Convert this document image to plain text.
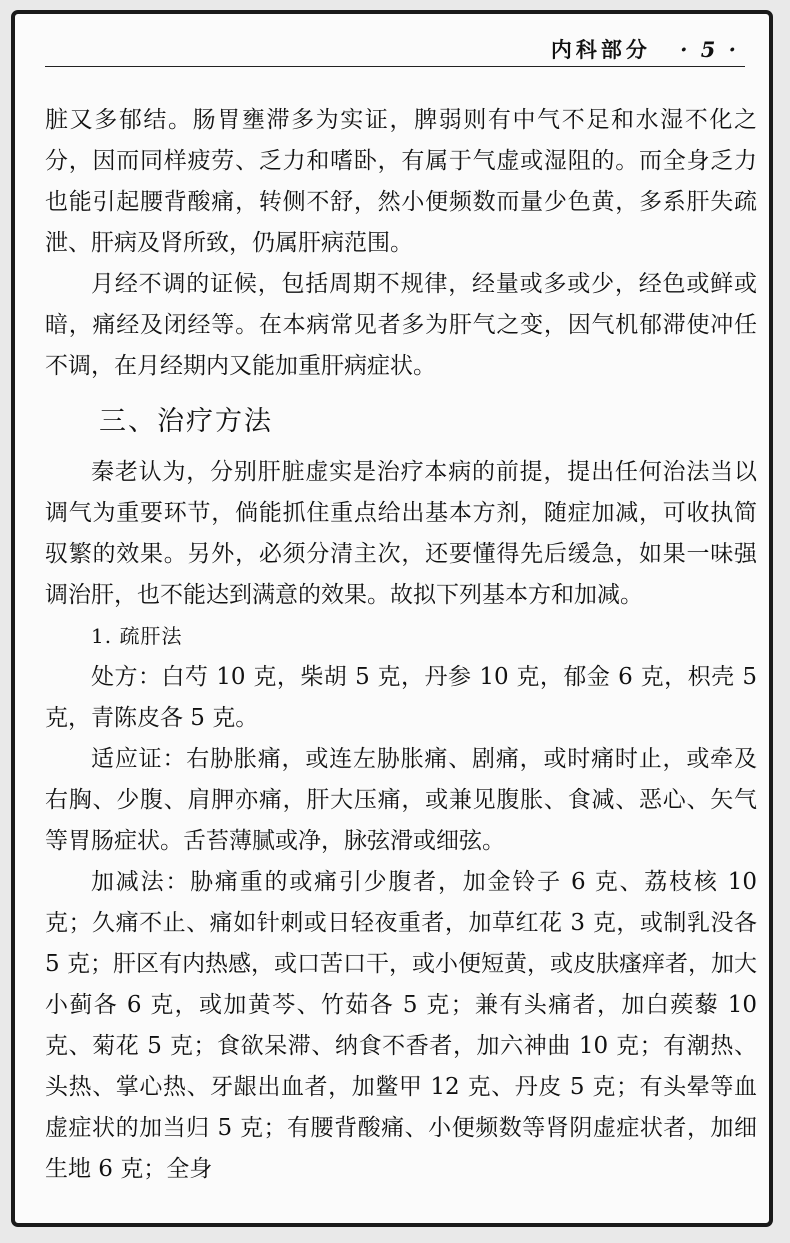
内科部分 · 5 ·

脏又多郁结。肠胃壅滞多为实证，脾弱则有中气不足和水湿不化之分，因而同样疲劳、乏力和嗜卧，有属于气虚或湿阻的。而全身乏力也能引起腰背酸痛，转侧不舒，然小便频数而量少色黄，多系肝失疏泄、肝病及肾所致，仍属肝病范围。

月经不调的证候，包括周期不规律，经量或多或少，经色或鲜或暗，痛经及闭经等。在本病常见者多为肝气之变，因气机郁滞使冲任不调，在月经期内又能加重肝病症状。

三、治疗方法

秦老认为，分别肝脏虚实是治疗本病的前提，提出任何治法当以调气为重要环节，倘能抓住重点给出基本方剂，随症加减，可收执简驭繁的效果。另外，必须分清主次，还要懂得先后缓急，如果一味强调治肝，也不能达到满意的效果。故拟下列基本方和加减。

1. 疏肝法

处方：白芍 10 克，柴胡 5 克，丹参 10 克，郁金 6 克，枳壳 5 克，青陈皮各 5 克。

适应证：右胁胀痛，或连左胁胀痛、剧痛，或时痛时止，或牵及右胸、少腹、肩胛亦痛，肝大压痛，或兼见腹胀、食减、恶心、矢气等胃肠症状。舌苔薄腻或净，脉弦滑或细弦。

加减法：胁痛重的或痛引少腹者，加金铃子 6 克、荔枝核 10 克；久痛不止、痛如针刺或日轻夜重者，加草红花 3 克，或制乳没各 5 克；肝区有内热感，或口苦口干，或小便短黄，或皮肤瘙痒者，加大小蓟各 6 克，或加黄芩、竹茹各 5 克；兼有头痛者，加白蒺藜 10 克、菊花 5 克；食欲呆滞、纳食不香者，加六神曲 10 克；有潮热、头热、掌心热、牙龈出血者，加鳖甲 12 克、丹皮 5 克；有头晕等血虚症状的加当归 5 克；有腰背酸痛、小便频数等肾阴虚症状者，加细生地 6 克；全身
